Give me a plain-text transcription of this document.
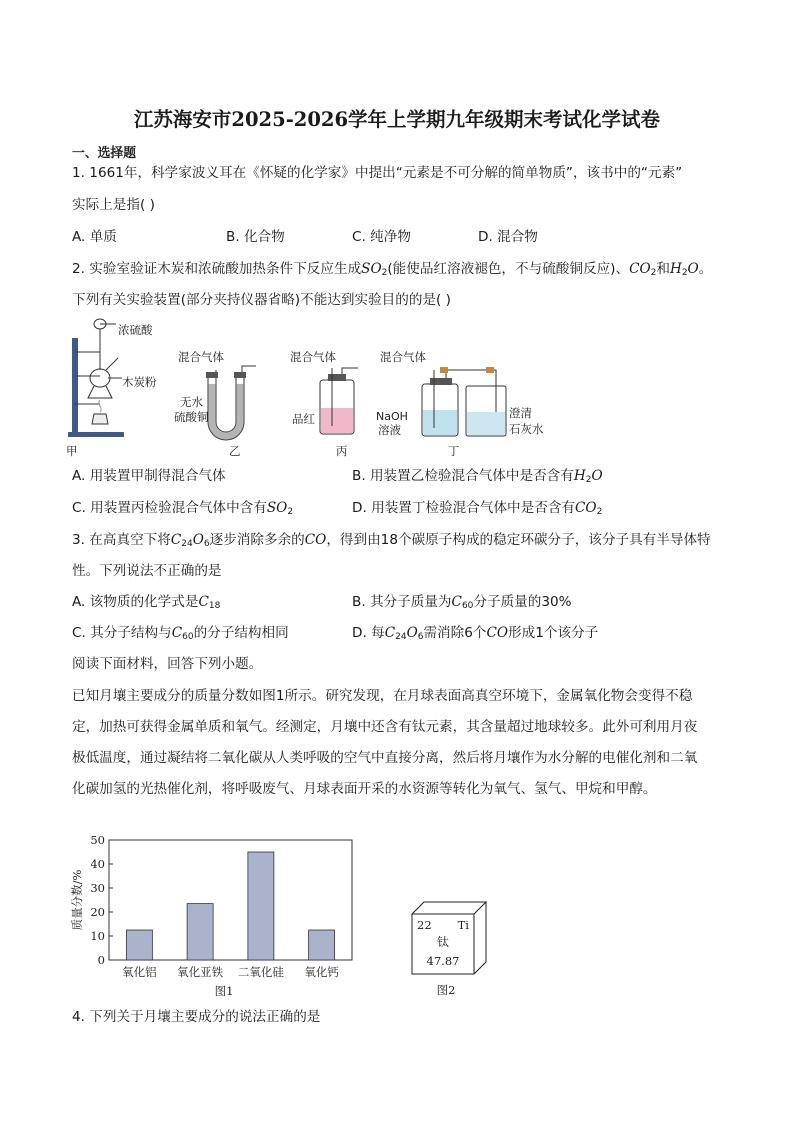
江苏海安市2025-2026学年上学期九年级期末考试化学试卷
一、选择题
1. 1661年，科学家波义耳在《怀疑的化学家》中提出“元素是不可分解的简单物质”，该书中的“元素”
实际上是指( )
A. 单质	B. 化合物	C. 纯净物	D. 混合物
2. 实验室验证木炭和浓硫酸加热条件下反应生成$SO_2$(能使品红溶液褪色，不与硫酸铜反应)、$CO_2$和$H_2O$。
下列有关实验装置(部分夹持仪器省略)不能达到实验目的的是( )
浓硫酸
木炭粉
甲
混合气体
无水
硫酸铜
乙
混合气体
品红
丙
混合气体
NaOH
溶液
澄清
石灰水
丁
A. 用装置甲制得混合气体	B. 用装置乙检验混合气体中是否含有$H_2O$
C. 用装置丙检验混合气体中含有$SO_2$	D. 用装置丁检验混合气体中是否含有$CO_2$
3. 在高真空下将$C_{24}O_6$逐步消除多余的CO，得到由18个碳原子构成的稳定环碳分子，该分子具有半导体特
性。下列说法不正确的是
A. 该物质的化学式是$C_{18}$	B. 其分子质量为$C_{60}$分子质量的30%
C. 其分子结构与$C_{60}$的分子结构相同	D. 每$C_{24}O_6$需消除6个CO形成1个该分子
阅读下面材料，回答下列小题。
已知月壤主要成分的质量分数如图1所示。研究发现，在月球表面高真空环境下，金属氧化物会变得不稳
定，加热可获得金属单质和氧气。经测定，月壤中还含有钛元素，其含量超过地球较多。此外可利用月夜
极低温度，通过凝结将二氧化碳从人类呼吸的空气中直接分离，然后将月壤作为水分解的电催化剂和二氧
化碳加氢的光热催化剂，将呼吸废气、月球表面开采的水资源等转化为氧气、氢气、甲烷和甲醇。
0
10
20
30
40
50
氧化铝 氧化亚铁 二氧化硅 氧化钙
质量分数/%
图1
22 Ti
钛
47.87
图2
4. 下列关于月壤主要成分的说法正确的是
